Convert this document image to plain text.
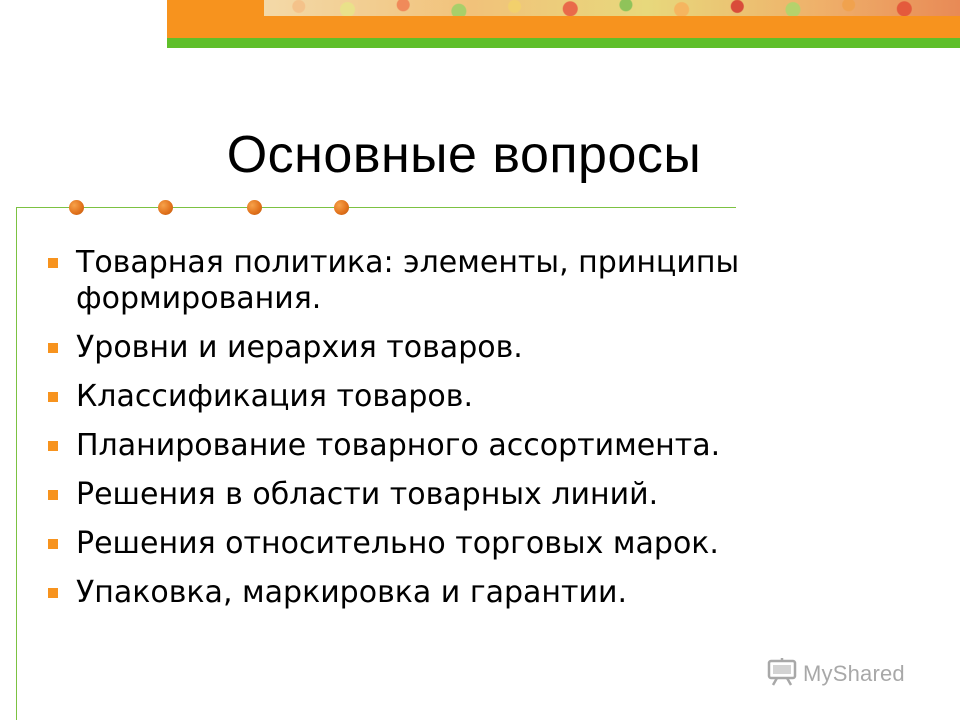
Основные вопросы
Товарная политика: элементы, принципы формирования.
Уровни и иерархия товаров.
Классификация товаров.
Планирование товарного ассортимента.
Решения в области товарных линий.
Решения относительно торговых марок.
Упаковка, маркировка и гарантии.
MyShared
